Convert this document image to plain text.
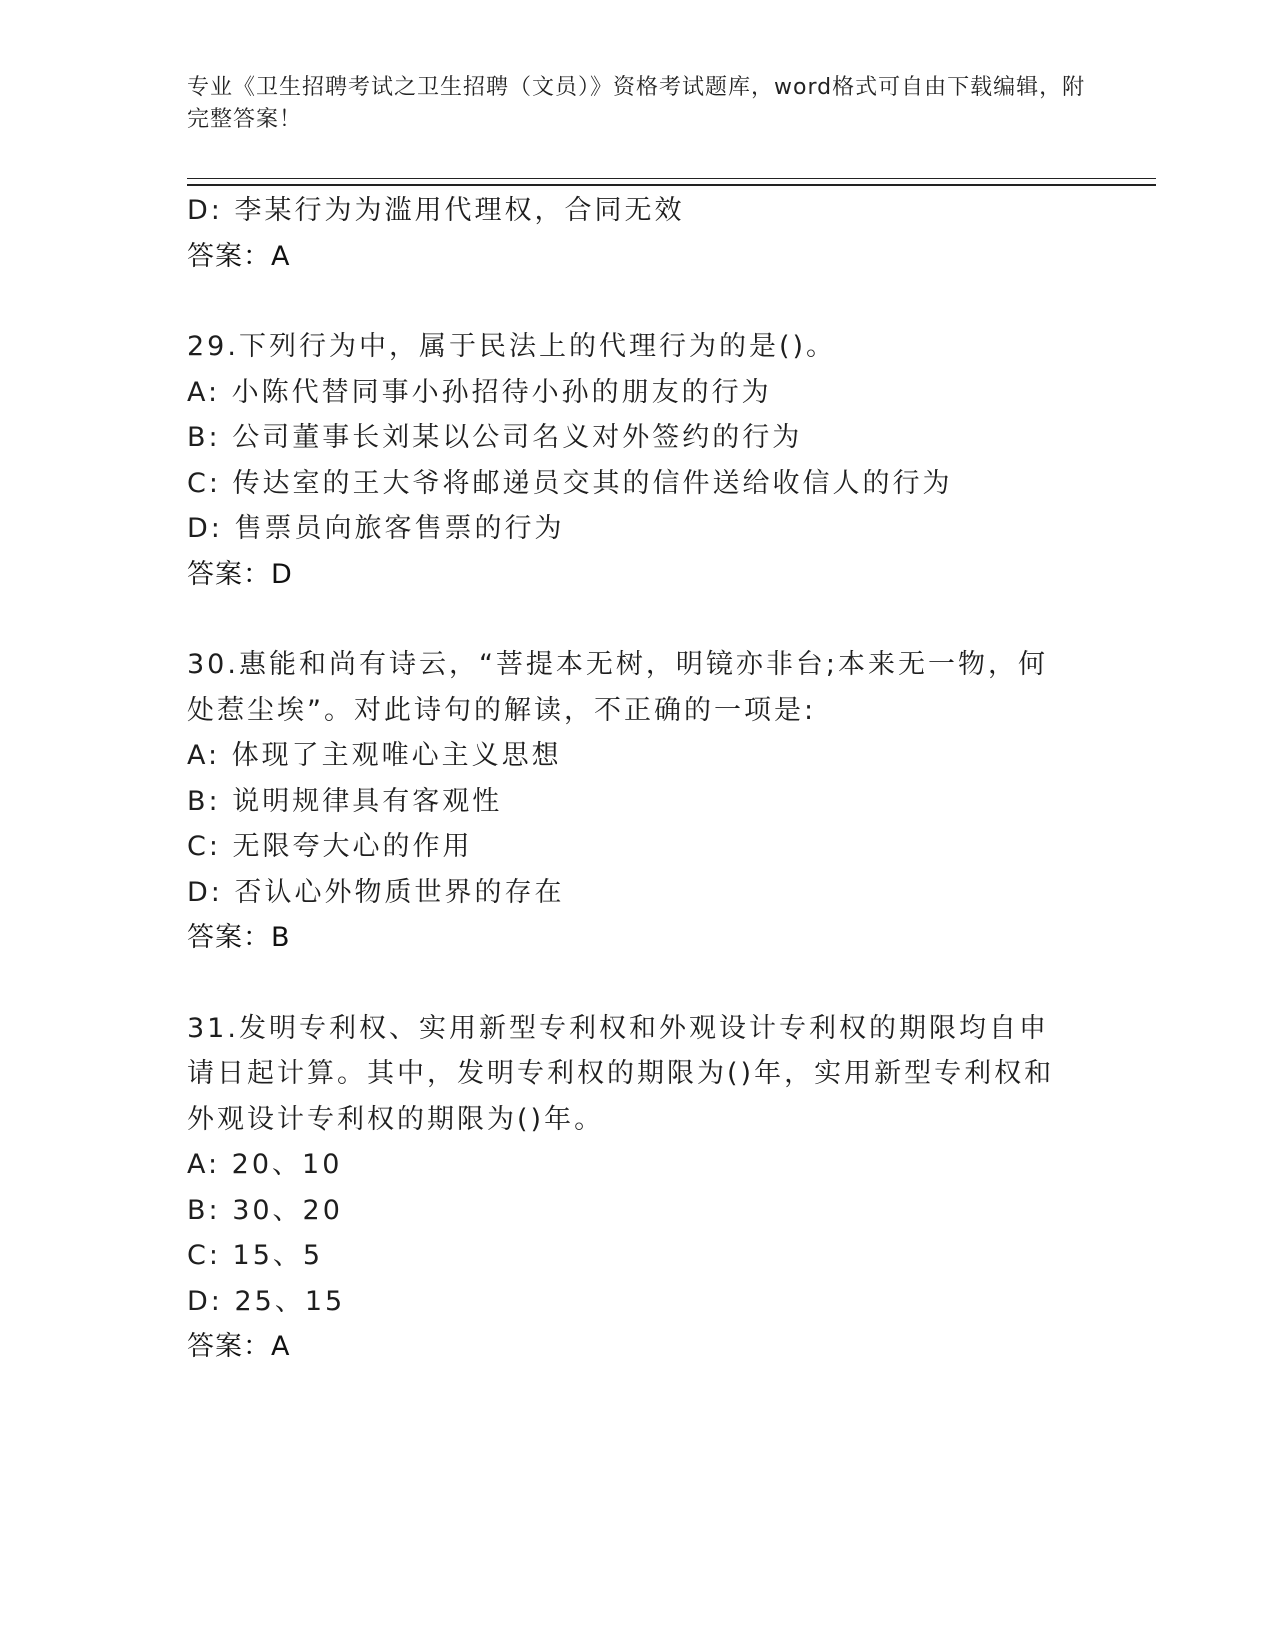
专业《卫生招聘考试之卫生招聘（文员）》资格考试题库，word格式可自由下载编辑，附完整答案！
D: 李某行为为滥用代理权，合同无效
答案：A
29.下列行为中，属于民法上的代理行为的是()。
A: 小陈代替同事小孙招待小孙的朋友的行为
B: 公司董事长刘某以公司名义对外签约的行为
C: 传达室的王大爷将邮递员交其的信件送给收信人的行为
D: 售票员向旅客售票的行为
答案：D
30.惠能和尚有诗云，“菩提本无树，明镜亦非台;本来无一物，何处惹尘埃”。对此诗句的解读，不正确的一项是:
A: 体现了主观唯心主义思想
B: 说明规律具有客观性
C: 无限夸大心的作用
D: 否认心外物质世界的存在
答案：B
31.发明专利权、实用新型专利权和外观设计专利权的期限均自申请日起计算。其中，发明专利权的期限为()年，实用新型专利权和外观设计专利权的期限为()年。
A: 20、10
B: 30、20
C: 15、5
D: 25、15
答案：A
